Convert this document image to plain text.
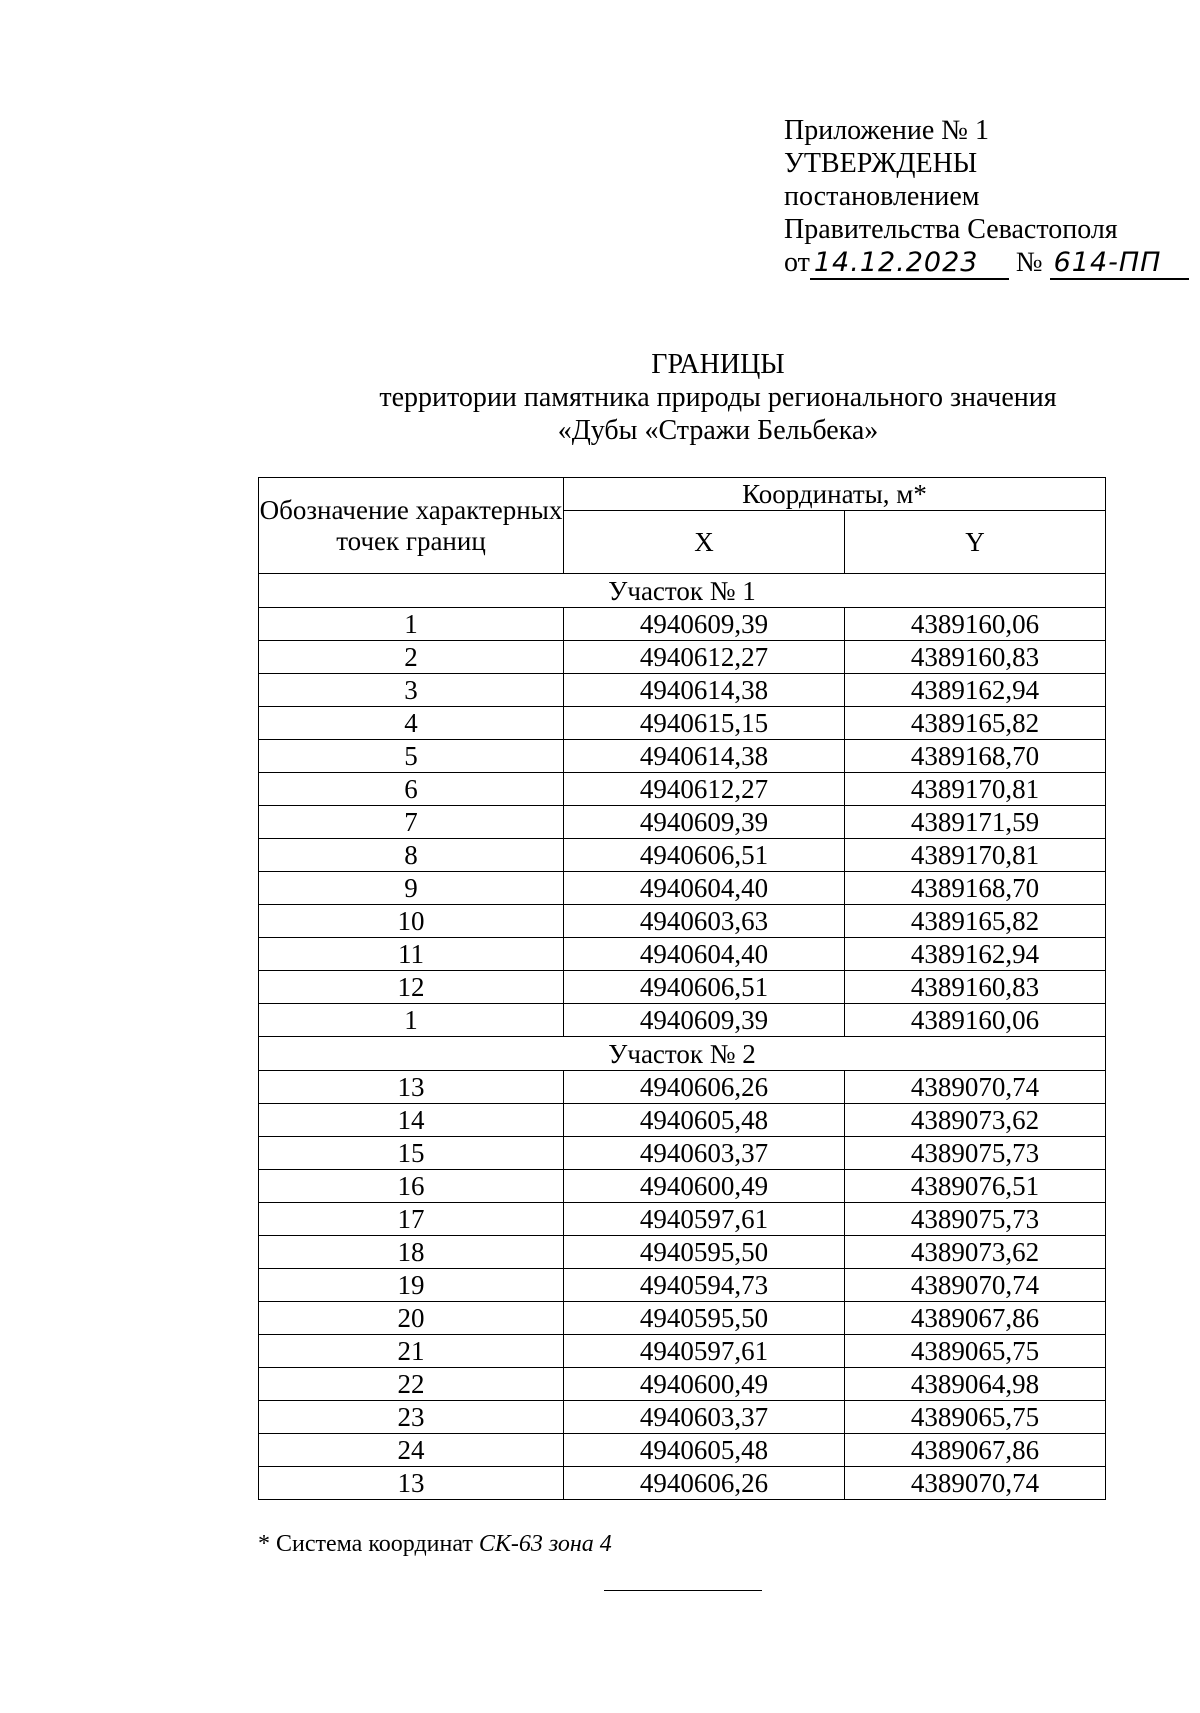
Приложение № 1
УТВЕРЖДЕНЫ
постановлением
Правительства Севастополя
от 14.12.2023 № 614-ПП
ГРАНИЦЫ
территории памятника природы регионального значения
«Дубы «Стражи Бельбека»
Обозначение характерных точек границ	Координаты, м*	
	X	Y
Участок № 1		
1	4940609,39	4389160,06
2	4940612,27	4389160,83
3	4940614,38	4389162,94
4	4940615,15	4389165,82
5	4940614,38	4389168,70
6	4940612,27	4389170,81
7	4940609,39	4389171,59
8	4940606,51	4389170,81
9	4940604,40	4389168,70
10	4940603,63	4389165,82
11	4940604,40	4389162,94
12	4940606,51	4389160,83
1	4940609,39	4389160,06
Участок № 2		
13	4940606,26	4389070,74
14	4940605,48	4389073,62
15	4940603,37	4389075,73
16	4940600,49	4389076,51
17	4940597,61	4389075,73
18	4940595,50	4389073,62
19	4940594,73	4389070,74
20	4940595,50	4389067,86
21	4940597,61	4389065,75
22	4940600,49	4389064,98
23	4940603,37	4389065,75
24	4940605,48	4389067,86
13	4940606,26	4389070,74
* Система координат СК-63 зона 4
